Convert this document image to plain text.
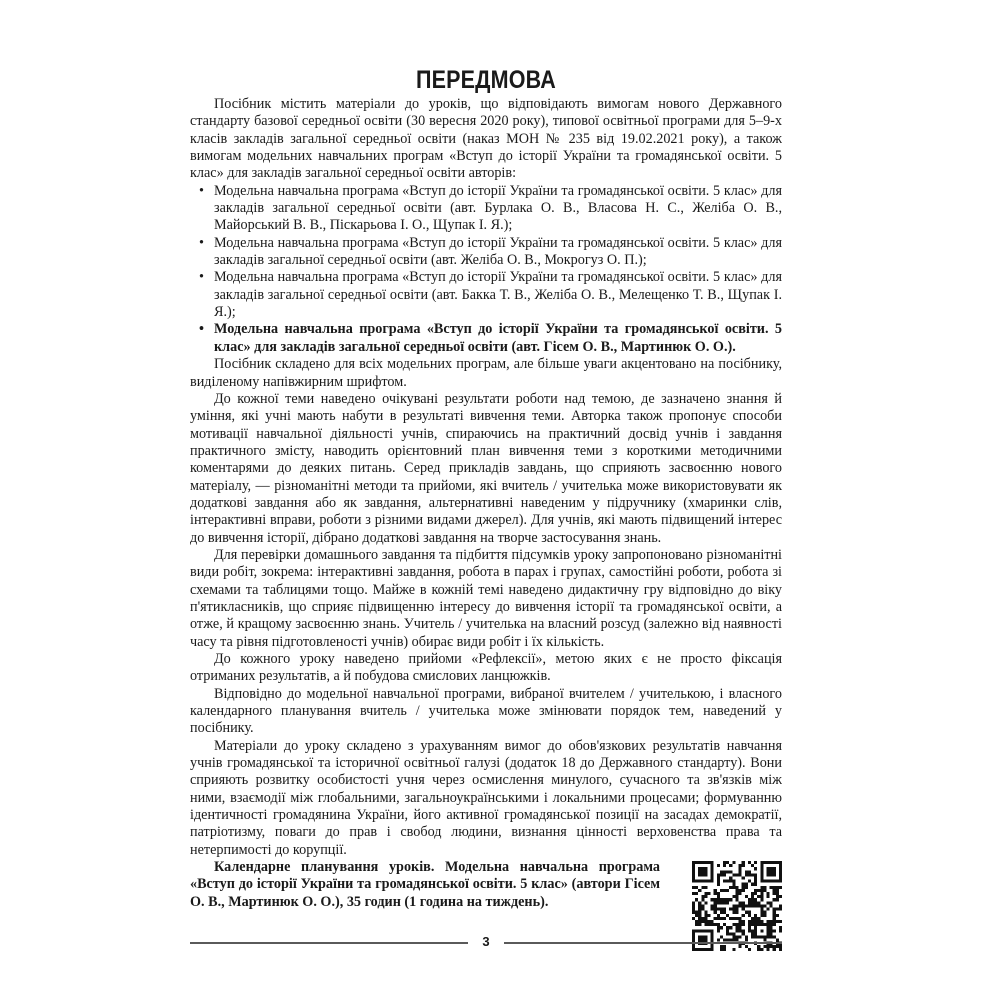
ПЕРЕДМОВА

Посібник містить матеріали до уроків, що відповідають вимогам нового Державного стандарту базової середньої освіти (30 вересня 2020 року), типової освітньої програми для 5–9-х класів закладів загальної середньої освіти (наказ МОН № 235 від 19.02.2021 року), а також вимогам модельних навчальних програм «Вступ до історії України та громадянської освіти. 5 клас» для закладів загальної середньої освіти авторів:

• Модельна навчальна програма «Вступ до історії України та громадянської освіти. 5 клас» для закладів загальної середньої освіти (авт. Бурлака О. В., Власова Н. С., Желіба О. В., Майорський В. В., Піскарьова І. О., Щупак І. Я.);
• Модельна навчальна програма «Вступ до історії України та громадянської освіти. 5 клас» для закладів загальної середньої освіти (авт. Желіба О. В., Мокрогуз О. П.);
• Модельна навчальна програма «Вступ до історії України та громадянської освіти. 5 клас» для закладів загальної середньої освіти (авт. Бакка Т. В., Желіба О. В., Мелещенко Т. В., Щупак І. Я.);
• Модельна навчальна програма «Вступ до історії України та громадянської освіти. 5 клас» для закладів загальної середньої освіти (авт. Гісем О. В., Мартинюк О. О.).

Посібник складено для всіх модельних програм, але більше уваги акцентовано на посібнику, виділеному напівжирним шрифтом.

До кожної теми наведено очікувані результати роботи над темою, де зазначено знання й уміння, які учні мають набути в результаті вивчення теми. Авторка також пропонує способи мотивації навчальної діяльності учнів, спираючись на практичний досвід учнів і завдання практичного змісту, наводить орієнтовний план вивчення теми з короткими методичними коментарями до деяких питань. Серед прикладів завдань, що сприяють засвоєнню нового матеріалу, — різноманітні методи та прийоми, які вчитель / учителька може використовувати як додаткові завдання або як завдання, альтернативні наведеним у підручнику (хмаринки слів, інтерактивні вправи, роботи з різними видами джерел). Для учнів, які мають підвищений інтерес до вивчення історії, дібрано додаткові завдання на творче застосування знань.

Для перевірки домашнього завдання та підбиття підсумків уроку запропоновано різноманітні види робіт, зокрема: інтерактивні завдання, робота в парах і групах, самостійні роботи, робота зі схемами та таблицями тощо. Майже в кожній темі наведено дидактичну гру відповідно до віку п'ятикласників, що сприяє підвищенню інтересу до вивчення історії та громадянської освіти, а отже, й кращому засвоєнню знань. Учитель / учителька на власний розсуд (залежно від наявності часу та рівня підготовленості учнів) обирає види робіт і їх кількість.

До кожного уроку наведено прийоми «Рефлексії», метою яких є не просто фіксація отриманих результатів, а й побудова смислових ланцюжків.

Відповідно до модельної навчальної програми, вибраної вчителем / учителькою, і власного календарного планування вчитель / учителька може змінювати порядок тем, наведений у посібнику.

Матеріали до уроку складено з урахуванням вимог до обов'язкових результатів навчання учнів громадянської та історичної освітньої галузі (додаток 18 до Державного стандарту). Вони сприяють розвитку особистості учня через осмислення минулого, сучасного та зв'язків між ними, взаємодії між глобальними, загальноукраїнськими і локальними процесами; формуванню ідентичності громадянина України, його активної громадянської позиції на засадах демократії, патріотизму, поваги до прав і свобод людини, визнання цінності верховенства права та нетерпимості до корупції.

Календарне планування уроків. Модельна навчальна програма «Вступ до історії України та громадянської освіти. 5 клас» (автори Гісем О. В., Мартинюк О. О.), 35 годин (1 година на тиждень).

3
